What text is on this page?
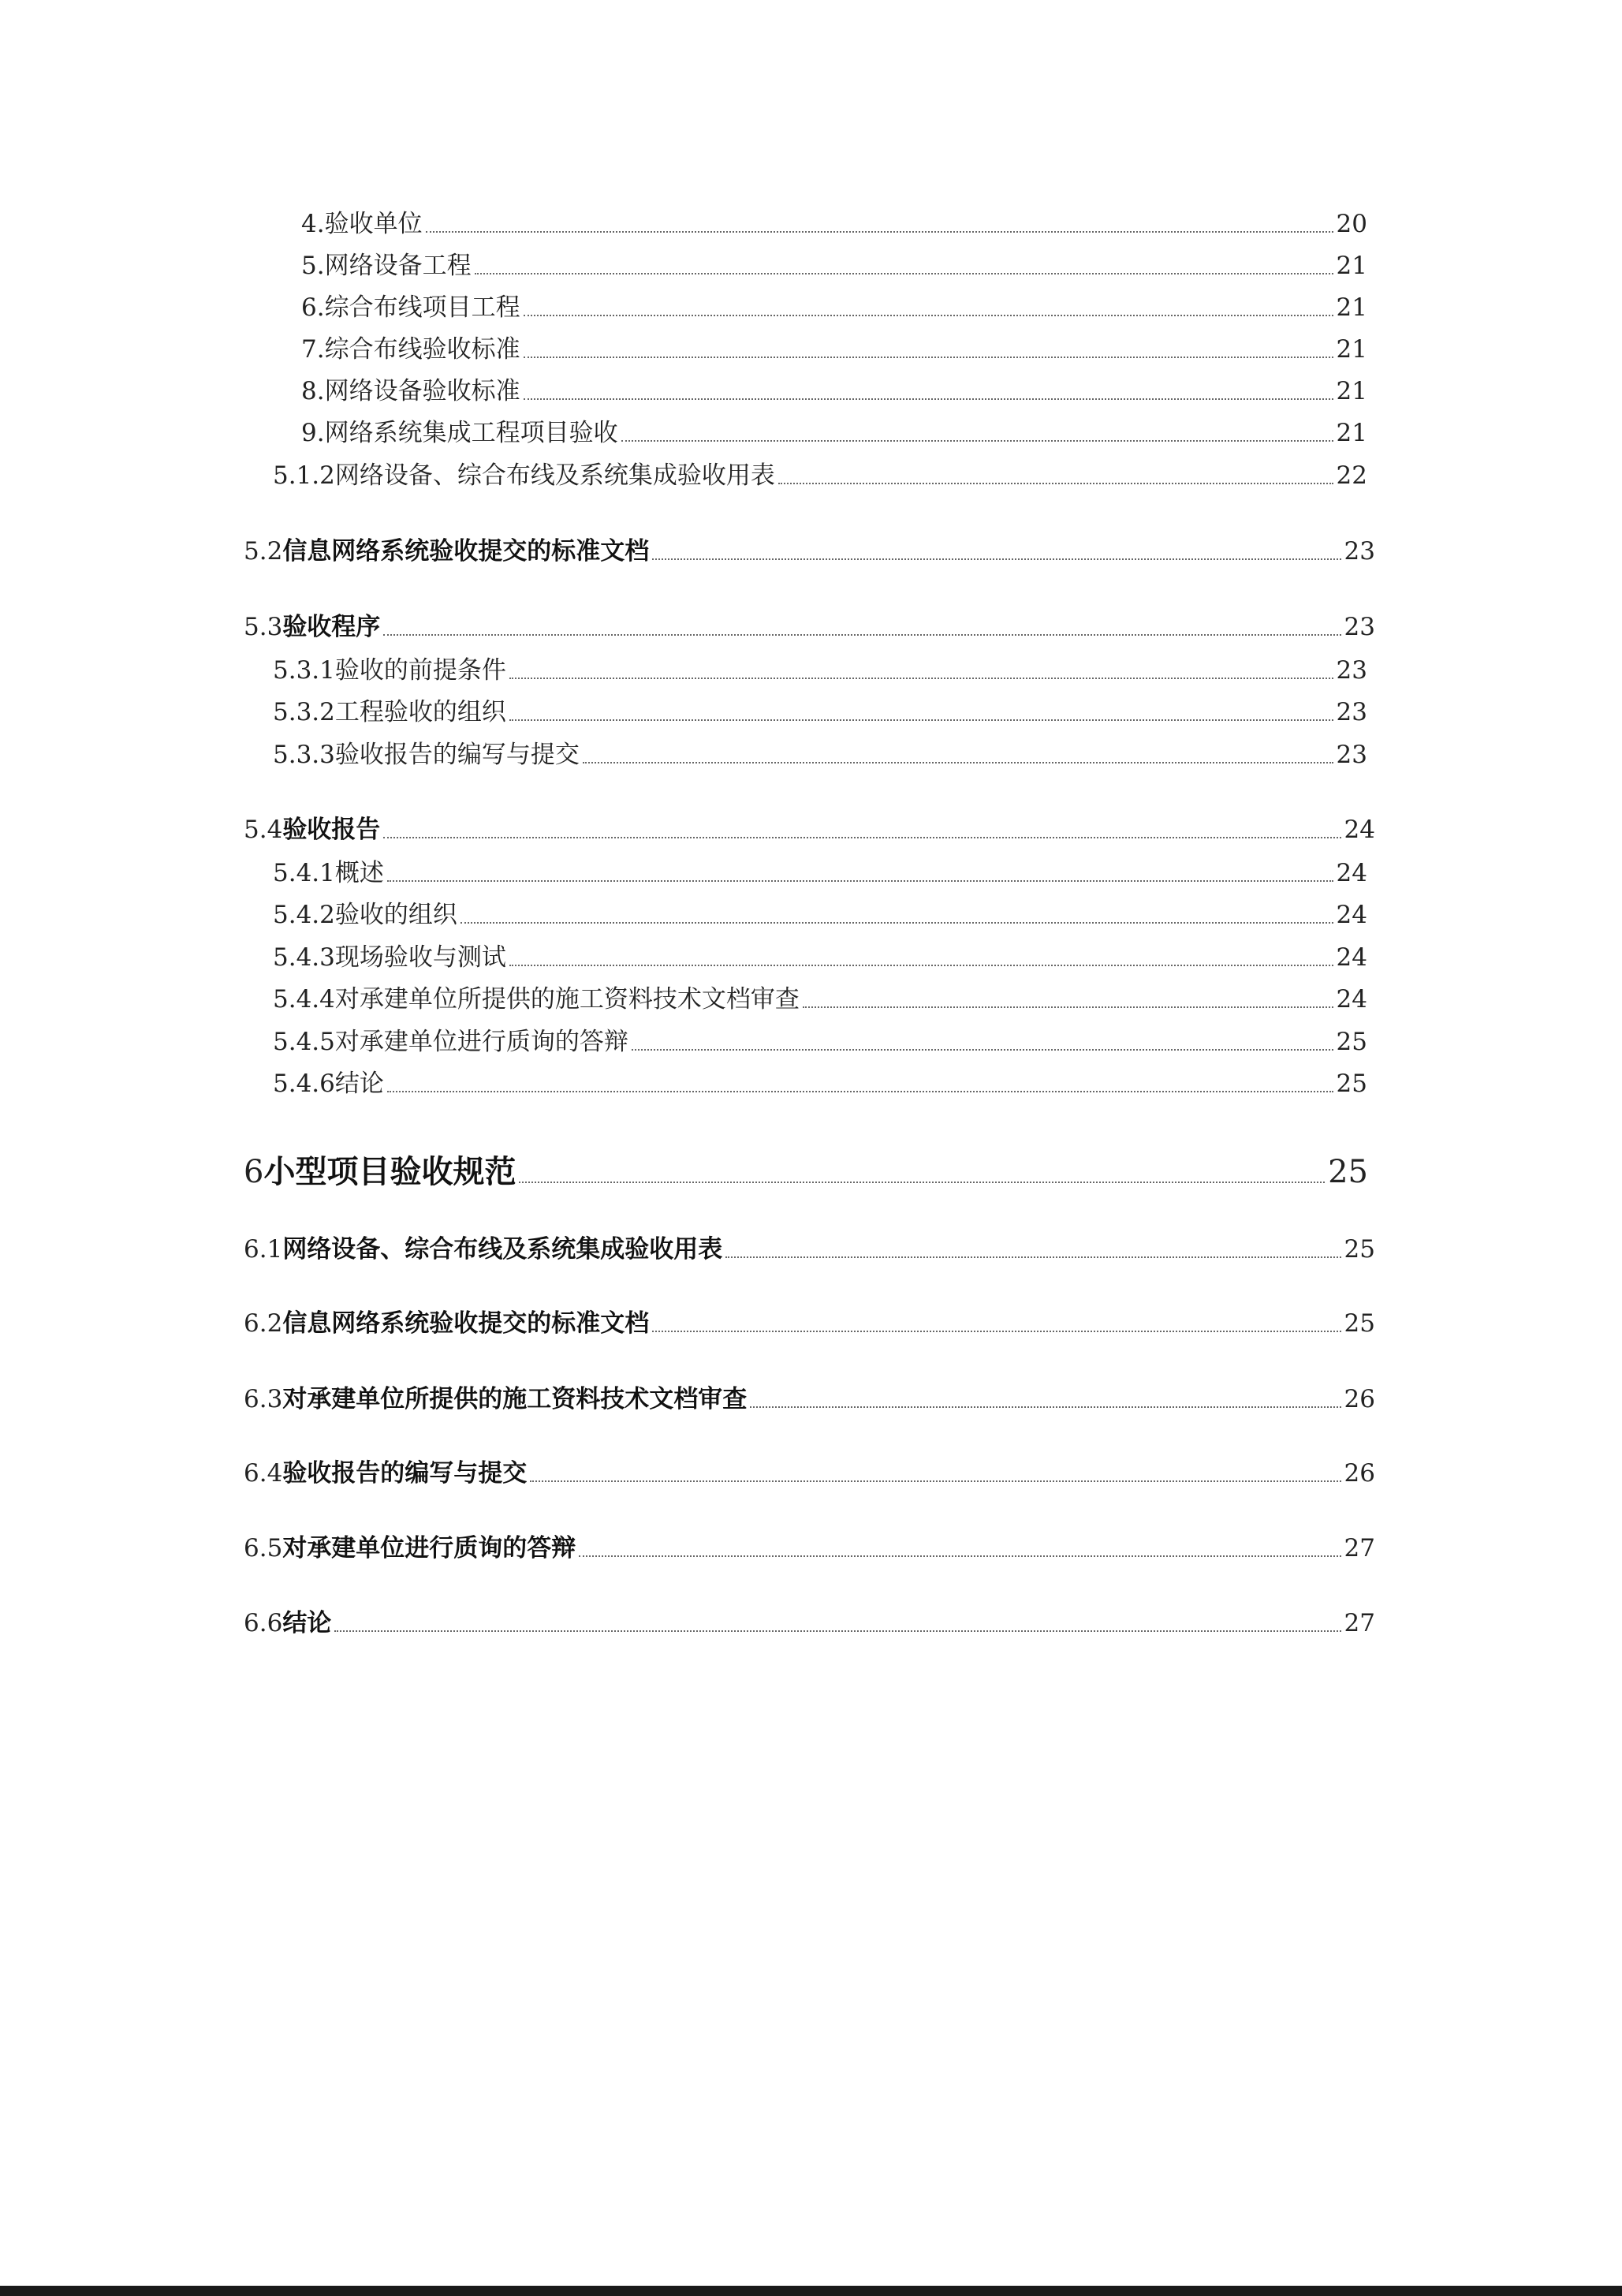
4. 验收单位	20
5. 网络设备工程	21
6. 综合布线项目工程	21
7. 综合布线验收标准	21
8. 网络设备验收标准	21
9. 网络系统集成工程项目验收	21
5.1.2 网络设备、综合布线及系统集成验收用表	22
5.2 信息网络系统验收提交的标准文档	23
5.3 验收程序	23
5.3.1 验收的前提条件	23
5.3.2 工程验收的组织	23
5.3.3 验收报告的编写与提交	23
5.4 验收报告	24
5.4.1 概述	24
5.4.2 验收的组织	24
5.4.3 现场验收与测试	24
5.4.4 对承建单位所提供的施工资料技术文档审查	24
5.4.5 对承建单位进行质询的答辩	25
5.4.6 结论	25
6 小型项目验收规范	25
6.1 网络设备、综合布线及系统集成验收用表	25
6.2 信息网络系统验收提交的标准文档	25
6.3 对承建单位所提供的施工资料技术文档审查	26
6.4 验收报告的编写与提交	26
6.5 对承建单位进行质询的答辩	27
6.6 结论	27
